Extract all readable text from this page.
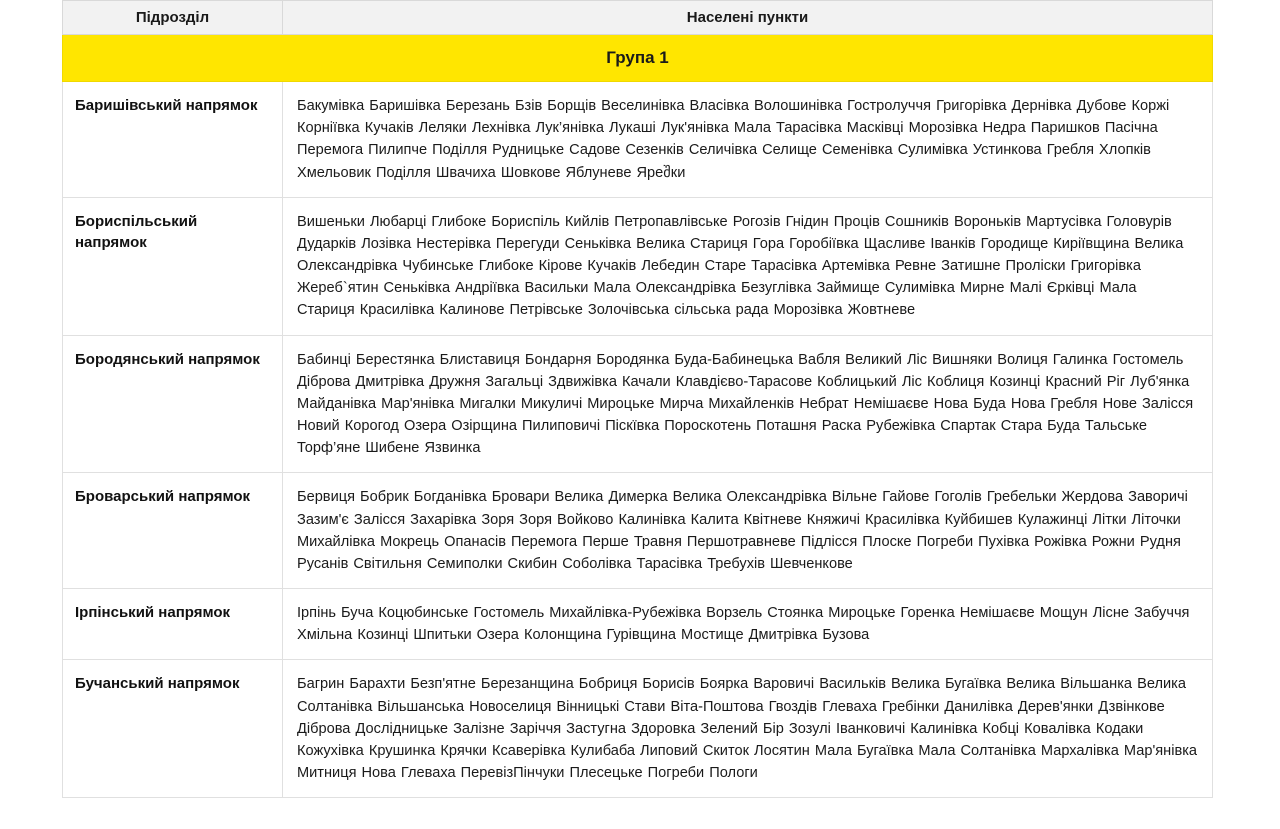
Підрозділ	Населені пункти
Група 1	
Баришівський напрямок	Бакумівка Баришівка Березань Бзів Борщів Веселинівка Власівка Волошинівка Гостролуччя Григорівка Дернівка Дубове Коржі Корніївка Кучаків Леляки Лехнівка Лук’янівка Лукаші Лук'янівка Мала Тарасівка Масківці Морозівка Недра Паришков Пасічна Перемога Пилипче Поділля Рудницьке Садове Сезенків Селичівка Селище Семенівка Сулимівка Устинкова Гребля Хлопків Хмельовик Поділля Швачиха Шовкове Яблуневе Яреშки
Бориспільський напрямок	Вишеньки Любарці Глибоке Бориспіль Кийлів Петропавлівське Рогозів Гнідин Проців Сошників Вороньків Мартусівка Головурів Дударків Лозівка Нестерівка Перегуди Сеньківка Велика Стариця Гора Горобіївка Щасливе Іванків Городище Киріївщина Велика Олександрівка Чубинське Глибоке Кірове Кучаків Лебедин Старе Тарасівка Артемівка Ревне Затишне Проліски Григорівка Жереб`ятин Сеньківка Андріївка Васильки Мала Олександрівка Безуглівка Займище Сулимівка Мирне Малі Єрківці Мала Стариця Красилівка Калинове Петрівське Золочівська сільська рада Морозівка Жовтневе
Бородянський напрямок	Бабинці Берестянка Блиставиця Бондарня Бородянка Буда-Бабинецька Вабля Великий Ліс Вишняки Волиця Галинка Гостомель Діброва Дмитрівка Дружня Загальці Здвижівка Качали Клавдієво-Тарасове Коблицький Ліс Коблиця Козинці Красний Ріг Луб'янка Майданівка Мар'янівка Мигалки Микуличі Мироцьке Мирча Михайленків Небрат Немішаєве Нова Буда Нова Гребля Нове Залісся Новий Корогод Озера Озірщина Пилиповичі Піскївка Пороскотень Поташня Раска Рубежівка Спартак Стара Буда Тальське Торф’яне Шибене Язвинка
Броварський напрямок	Бервиця Бобрик Богданівка Бровари Велика Димерка Велика Олександрівка Вільне Гайове Гоголів Гребельки Жердова Заворичі Зазим'є Залісся Захарівка Зоря Зоря Войково Калинівка Калита Квітневе Княжичі Красилівка Куйбишев Кулажинці Літки Літочки Михайлівка Мокрець Опанасів Перемога Перше Травня Першотравневе Підлісся Плоске Погреби Пухівка Рожівка Рожни Рудня Русанів Світильня Семиполки Скибин Соболівка Тарасівка Требухів Шевченкове
Ірпінський напрямок	Ірпінь Буча Коцюбинське Гостомель Михайлівка-Рубежівка Ворзель Стоянка Мироцьке Горенка Немішаєве Мощун Лісне Забуччя Хмільна Козинці Шпитьки Озера Колонщина Гурівщина Мостище Дмитрівка Бузова
Бучанський напрямок	Багрин Барахти Безп'ятне Березанщина Бобриця Борисів Боярка Варовичі Васильків Велика Бугаївка Велика Вільшанка Велика Солтанівка Вільшанська Новоселиця Вінницькі Стави Віта-Поштова Гвоздів Глеваха Гребінки Данилівка Дерев'янки Дзвінкове Діброва Дослідницьке Залізне Заріччя Застугна Здоровка Зелений Бір Зозулі Іванковичі Калинівка Кобці Ковалівка Кодаки Кожухівка Крушинка Крячки Ксаверівка Кулибаба Липовий Скиток Лосятин Мала Бугаївка Мала Солтанівка Мархалівка Мар'янівка Митниця Нова Глеваха ПеревізПінчуки Плесецьке Погреби Пологи
